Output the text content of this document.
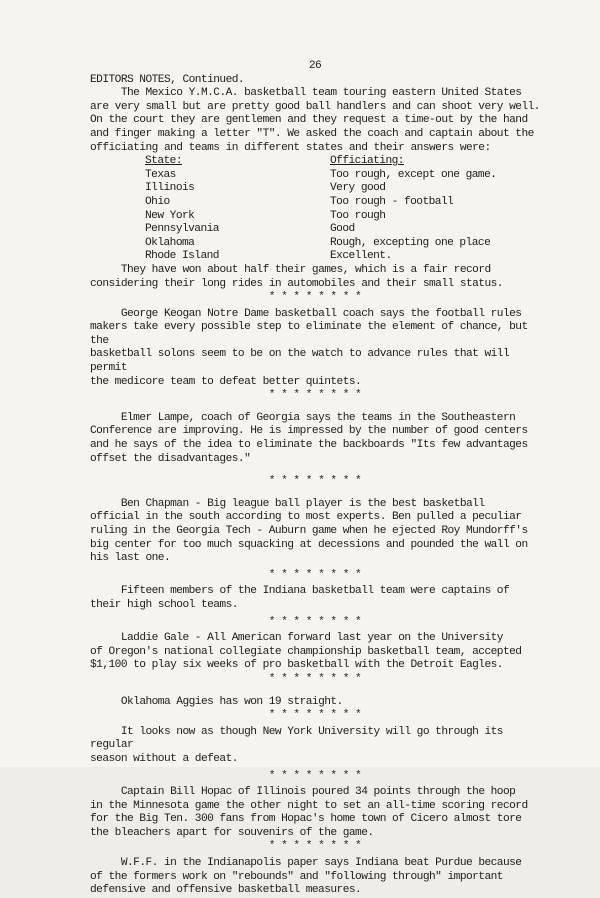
26

EDITORS NOTES, Continued.

The Mexico Y.M.C.A. basketball team touring eastern United States
are very small but are pretty good ball handlers and can shoot very well.
On the court they are gentlemen and they request a time-out by the hand
and finger making a letter "T". We asked the coach and captain about the
officiating and teams in different states and their answers were:

State:	Officiating:
Texas	Too rough, except one game.
Illinois	Very good
Ohio	Too rough - football
New York	Too rough
Pennsylvania	Good
Oklahoma	Rough, excepting one place
Rhode Island	Excellent.

They have won about half their games, which is a fair record
considering their long rides in automobiles and their small status.

* * * * * * * *

George Keogan Notre Dame basketball coach says the football rules
makers take every possible step to eliminate the element of chance, but the
basketball solons seem to be on the watch to advance rules that will permit
the medicore team to defeat better quintets.

* * * * * * * *

Elmer Lampe, coach of Georgia says the teams in the Southeastern
Conference are improving. He is impressed by the number of good centers
and he says of the idea to eliminate the backboards "Its few advantages
offset the disadvantages."

* * * * * * * *

Ben Chapman - Big league ball player is the best basketball
official in the south according to most experts. Ben pulled a peculiar
ruling in the Georgia Tech - Auburn game when he ejected Roy Mundorff's
big center for too much squacking at decessions and pounded the wall on
his last one.

* * * * * * * *

Fifteen members of the Indiana basketball team were captains of
their high school teams.

* * * * * * * *

Laddie Gale - All American forward last year on the University
of Oregon's national collegiate championship basketball team, accepted
$1,100 to play six weeks of pro basketball with the Detroit Eagles.

* * * * * * * *

Oklahoma Aggies has won 19 straight.

* * * * * * * *

It looks now as though New York University will go through its regular
season without a defeat.

* * * * * * * *

Captain Bill Hopac of Illinois poured 34 points through the hoop
in the Minnesota game the other night to set an all-time scoring record
for the Big Ten. 300 fans from Hopac's home town of Cicero almost tore
the bleachers apart for souvenirs of the game.

* * * * * * * *

W.F.F. in the Indianapolis paper says Indiana beat Purdue because
of the formers work on "rebounds" and "following through" important
defensive and offensive basketball measures.
